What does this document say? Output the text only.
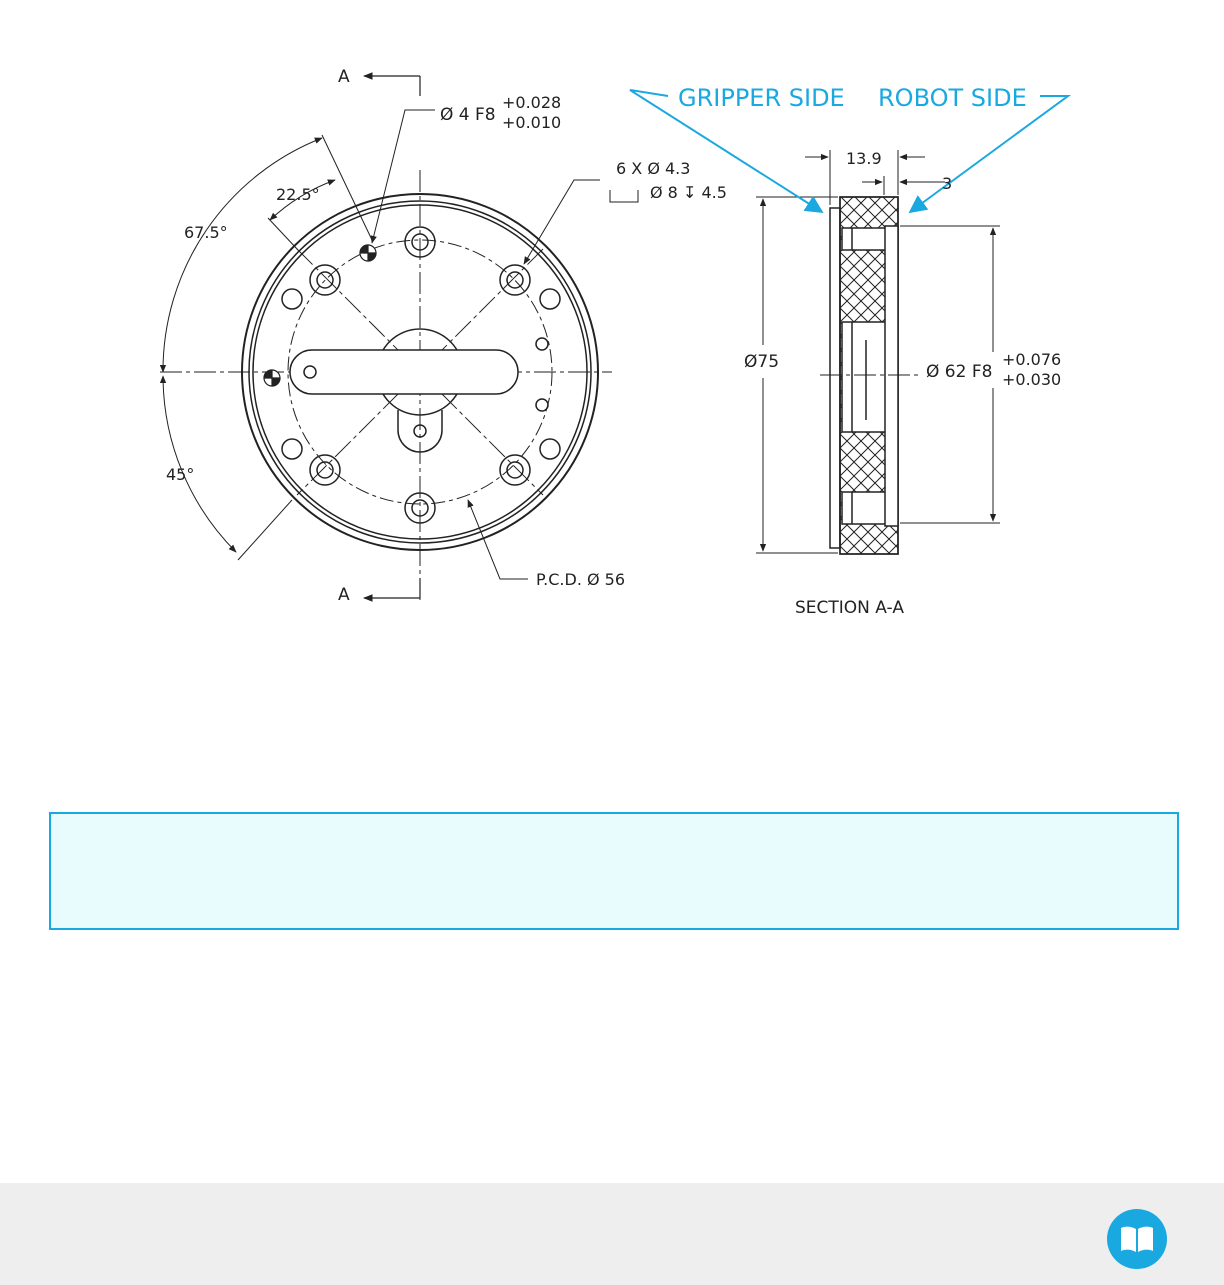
A
A
Ø 4 F8
+0.028
+0.010
6 X Ø 4.3
Ø 8 ↧ 4.5
22.5°
67.5°
45°
P.C.D. Ø 56
GRIPPER SIDE ROBOT SIDE
13.9
3
Ø75	Ø 62 F8
+0.076
+0.030
SECTION A-A
